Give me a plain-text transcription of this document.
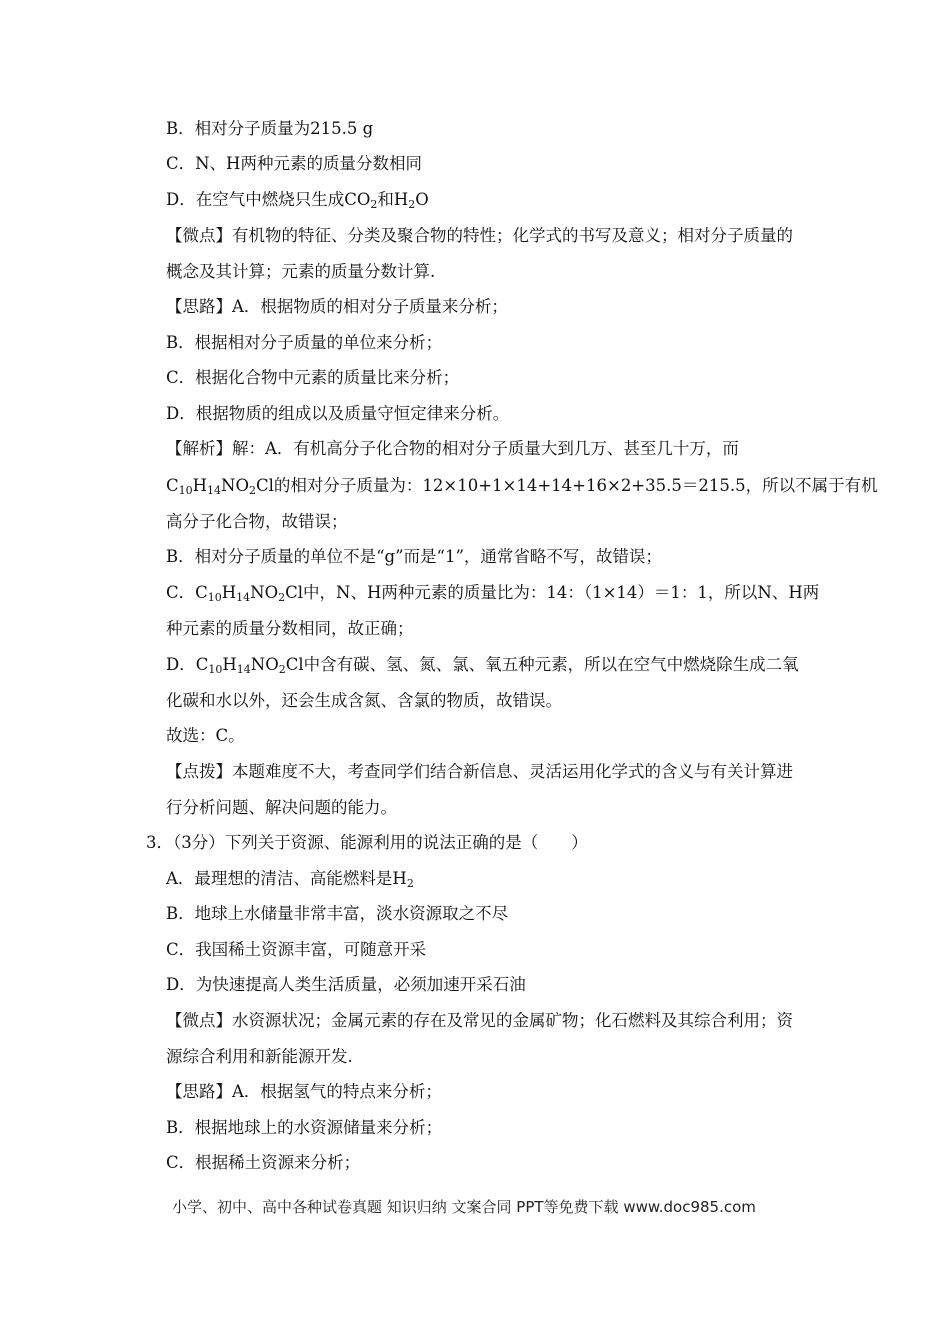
B．相对分子质量为215.5 g
C．N、H两种元素的质量分数相同
D．在空气中燃烧只生成$CO_2$和$H_2O$
【微点】有机物的特征、分类及聚合物的特性；化学式的书写及意义；相对分子质量的
概念及其计算；元素的质量分数计算.
【思路】A．根据物质的相对分子质量来分析；
B．根据相对分子质量的单位来分析；
C．根据化合物中元素的质量比来分析；
D．根据物质的组成以及质量守恒定律来分析。
【解析】解：A．有机高分子化合物的相对分子质量大到几万、甚至几十万，而
$C_{10}H_{14}NO_2Cl$的相对分子质量为：12×10+1×14+14+16×2+35.5＝215.5，所以不属于有机
高分子化合物，故错误；
B．相对分子质量的单位不是“g”而是“1”，通常省略不写，故错误；
C．$C_{10}H_{14}NO_2Cl$中，N、H两种元素的质量比为：14：（1×14）＝1：1，所以N、H两
种元素的质量分数相同，故正确；
D．$C_{10}H_{14}NO_2Cl$中含有碳、氢、氮、氯、氧五种元素，所以在空气中燃烧除生成二氧
化碳和水以外，还会生成含氮、含氯的物质，故错误。
故选：C。
【点拨】本题难度不大，考查同学们结合新信息、灵活运用化学式的含义与有关计算进
行分析问题、解决问题的能力。
3．（3分）下列关于资源、能源利用的说法正确的是（　　）
A．最理想的清洁、高能燃料是$H_2$
B．地球上水储量非常丰富，淡水资源取之不尽
C．我国稀土资源丰富，可随意开采
D．为快速提高人类生活质量，必须加速开采石油
【微点】水资源状况；金属元素的存在及常见的金属矿物；化石燃料及其综合利用；资
源综合利用和新能源开发.
【思路】A．根据氢气的特点来分析；
B．根据地球上的水资源储量来分析；
C．根据稀土资源来分析；
小学、初中、高中各种试卷真题 知识归纳 文案合同 PPT等免费下载 www.doc985.com
